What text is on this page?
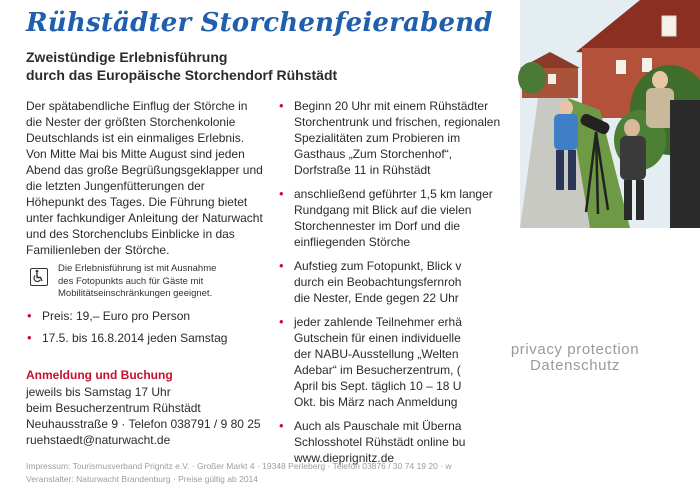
Rühstädter Storchenfeierabend
Zweistündige Erlebnisführung
durch das Europäische Storchendorf Rühstädt

Der spätabendliche Einflug der Störche in die Nester der größten Storchenkolonie Deutschlands ist ein einmaliges Erlebnis. Von Mitte Mai bis Mitte August sind jeden Abend das große Begrüßungsgeklapper und die letzten Jungenfütterungen der Höhepunkt des Tages. Die Führung bietet unter fachkundiger Anleitung der Naturwacht und des Storchenclubs Einblicke in das Familienleben der Störche.

Die Erlebnisführung ist mit Ausnahme
des Fotopunkts auch für Gäste mit
Mobilitätseinschränkungen geeignet.
• Preis: 19,– Euro pro Person
• 17.5. bis 16.8.2014 jeden Samstag
Anmeldung und Buchung
jeweils bis Samstag 17 Uhr
beim Besucherzentrum Rühstädt
Neuhausstraße 9 · Telefon 038791 / 9 80 25
ruehstaedt@naturwacht.de
• Beginn 20 Uhr mit einem Rühstädter
Storchentrunk und frischen, regionalen
Spezialitäten zum Probieren im
Gasthaus „Zum Storchenhof“,
Dorfstraße 11 in Rühstädt
• anschließend geführter 1,5 km langer
Rundgang mit Blick auf die vielen
Storchennester im Dorf und die
einfliegenden Störche
• Aufstieg zum Fotopunkt, Blick v
durch ein Beobachtungsfernroh
die Nester, Ende gegen 22 Uhr
• jeder zahlende Teilnehmer erhä
Gutschein für einen individuelle
der NABU-Ausstellung „Welten
Adebar“ im Besucherzentrum, (
April bis Sept. täglich 10 – 18 U
Okt. bis März nach Anmeldung
• Auch als Pauschale mit Überna
Schlosshotel Rühstädt online bu
www.dieprignitz.de
privacy protection
Datenschutz
Impressum: Tourismusverband Prignitz e.V. · Großer Markt 4 · 19348 Perleberg · Telefon 03876 / 30 74 19 20 · w
Veranstalter: Naturwacht Brandenburg · Preise gültig ab 2014
